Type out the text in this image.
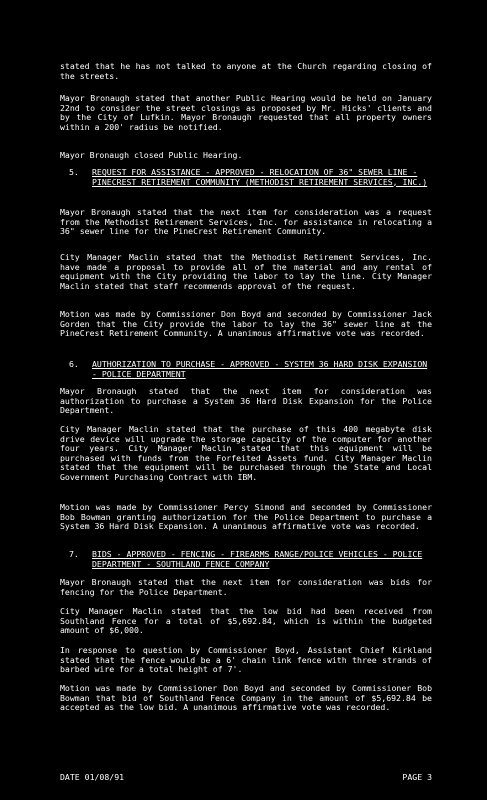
stated that he has not talked to anyone at the Church regarding closing of the streets.

Mayor Bronaugh stated that another Public Hearing would be held on January 22nd to consider the street closings as proposed by Mr. Hicks' clients and by the City of Lufkin. Mayor Bronaugh requested that all property owners within a 200' radius be notified.

Mayor Bronaugh closed Public Hearing.

5. REQUEST FOR ASSISTANCE - APPROVED - RELOCATION OF 36" SEWER LINE - PINECREST RETIREMENT COMMUNITY (METHODIST RETIREMENT SERVICES, INC.)

Mayor Bronaugh stated that the next item for consideration was a request from the Methodist Retirement Services, Inc. for assistance in relocating a 36" sewer line for the PineCrest Retirement Community.

City Manager Maclin stated that the Methodist Retirement Services, Inc. have made a proposal to provide all of the material and any rental of equipment with the City providing the labor to lay the line. City Manager Maclin stated that staff recommends approval of the request.

Motion was made by Commissioner Don Boyd and seconded by Commissioner Jack Gorden that the City provide the labor to lay the 36" sewer line at the PineCrest Retirement Community. A unanimous affirmative vote was recorded.

6. AUTHORIZATION TO PURCHASE - APPROVED - SYSTEM 36 HARD DISK EXPANSION - POLICE DEPARTMENT

Mayor Bronaugh stated that the next item for consideration was authorization to purchase a System 36 Hard Disk Expansion for the Police Department.

City Manager Maclin stated that the purchase of this 400 megabyte disk drive device will upgrade the storage capacity of the computer for another four years. City Manager Maclin stated that this equipment will be purchased with funds from the Forfeited Assets fund. City Manager Maclin stated that the equipment will be purchased through the State and Local Government Purchasing Contract with IBM.

Motion was made by Commissioner Percy Simond and seconded by Commissioner Bob Bowman granting authorization for the Police Department to purchase a System 36 Hard Disk Expansion. A unanimous affirmative vote was recorded.

7. BIDS - APPROVED - FENCING - FIREARMS RANGE/POLICE VEHICLES - POLICE DEPARTMENT - SOUTHLAND FENCE COMPANY

Mayor Bronaugh stated that the next item for consideration was bids for fencing for the Police Department.

City Manager Maclin stated that the low bid had been received from Southland Fence for a total of $5,692.84, which is within the budgeted amount of $6,000.

In response to question by Commissioner Boyd, Assistant Chief Kirkland stated that the fence would be a 6' chain link fence with three strands of barbed wire for a total height of 7'.

Motion was made by Commissioner Don Boyd and seconded by Commissioner Bob Bowman that bid of Southland Fence Company in the amount of $5,692.84 be accepted as the low bid. A unanimous affirmative vote was recorded.

DATE 01/08/91	PAGE 3
